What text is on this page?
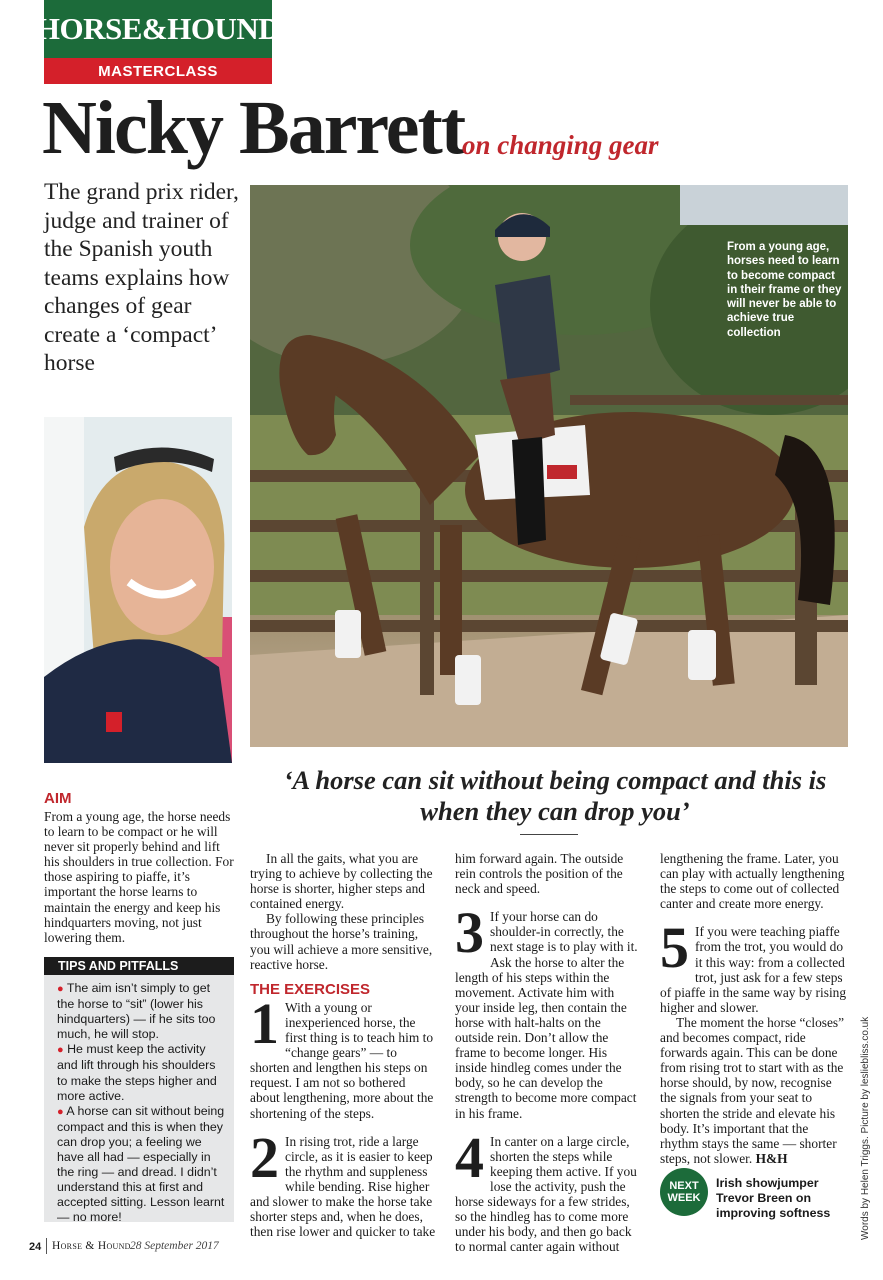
HORSE&HOUND
MASTERCLASS
Nicky Barrett
on changing gear
The grand prix rider, judge and trainer of the Spanish youth teams explains how changes of gear create a ‘compact’ horse
From a young age, horses need to learn to become compact in their frame or they will never be able to achieve true collection
‘A horse can sit without being compact and this is when they can drop you’
AIM
From a young age, the horse needs to learn to be compact or he will never sit properly behind and lift his shoulders in true collection. For those aspiring to piaffe, it’s important the horse learns to maintain the energy and keep his hindquarters moving, not just lowering them.
TIPS AND PITFALLS

● The aim isn’t simply to get the horse to “sit” (lower his hindquarters) — if he sits too much, he will stop.

● He must keep the activity and lift through his shoulders to make the steps higher and more active.

● A horse can sit without being compact and this is when they can drop you; a feeling we have all had — especially in the ring — and dread. I didn’t understand this at first and accepted sitting. Lesson learnt — no more!

In all the gaits, what you are trying to achieve by collecting the horse is shorter, higher steps and contained energy.

By following these principles throughout the horse’s training, you will achieve a more sensitive, reactive horse.

THE EXERCISES

1 With a young or inexperienced horse, the first thing is to teach him to “change gears” — to shorten and lengthen his steps on request. I am not so bothered about lengthening, more about the shortening of the steps.

2 In rising trot, ride a large circle, as it is easier to keep the rhythm and suppleness while bending. Rise higher and slower to make the horse take shorter steps and, when he does, then rise lower and quicker to take

him forward again. The outside rein controls the position of the neck and speed.

3 If your horse can do shoulder-in correctly, the next stage is to play with it. Ask the horse to alter the length of his steps within the movement. Activate him with your inside leg, then contain the horse with halt-halts on the outside rein. Don’t allow the frame to become longer. His inside hindleg comes under the body, so he can develop the strength to become more compact in his frame.

4 In canter on a large circle, shorten the steps while keeping them active. If you lose the activity, push the horse sideways for a few strides, so the hindleg has to come more under his body, and then go back to normal canter again without

lengthening the frame. Later, you can play with actually lengthening the steps to come out of collected canter and create more energy.

5 If you were teaching piaffe from the trot, you would do it this way: from a collected trot, just ask for a few steps of piaffe in the same way by rising higher and slower.

The moment the horse “closes” and becomes compact, ride forwards again. This can be done from rising trot to start with as the horse should, by now, recognise the signals from your seat to shorten the stride and elevate his body. It’s important that the rhythm stays the same — shorter steps, not slower. H&H

NEXT
WEEK
Irish showjumper Trevor Breen on improving softness	Words by Helen Triggs. Picture by lesliebliss.co.uk
24 Horse & Hound 28 September 2017
